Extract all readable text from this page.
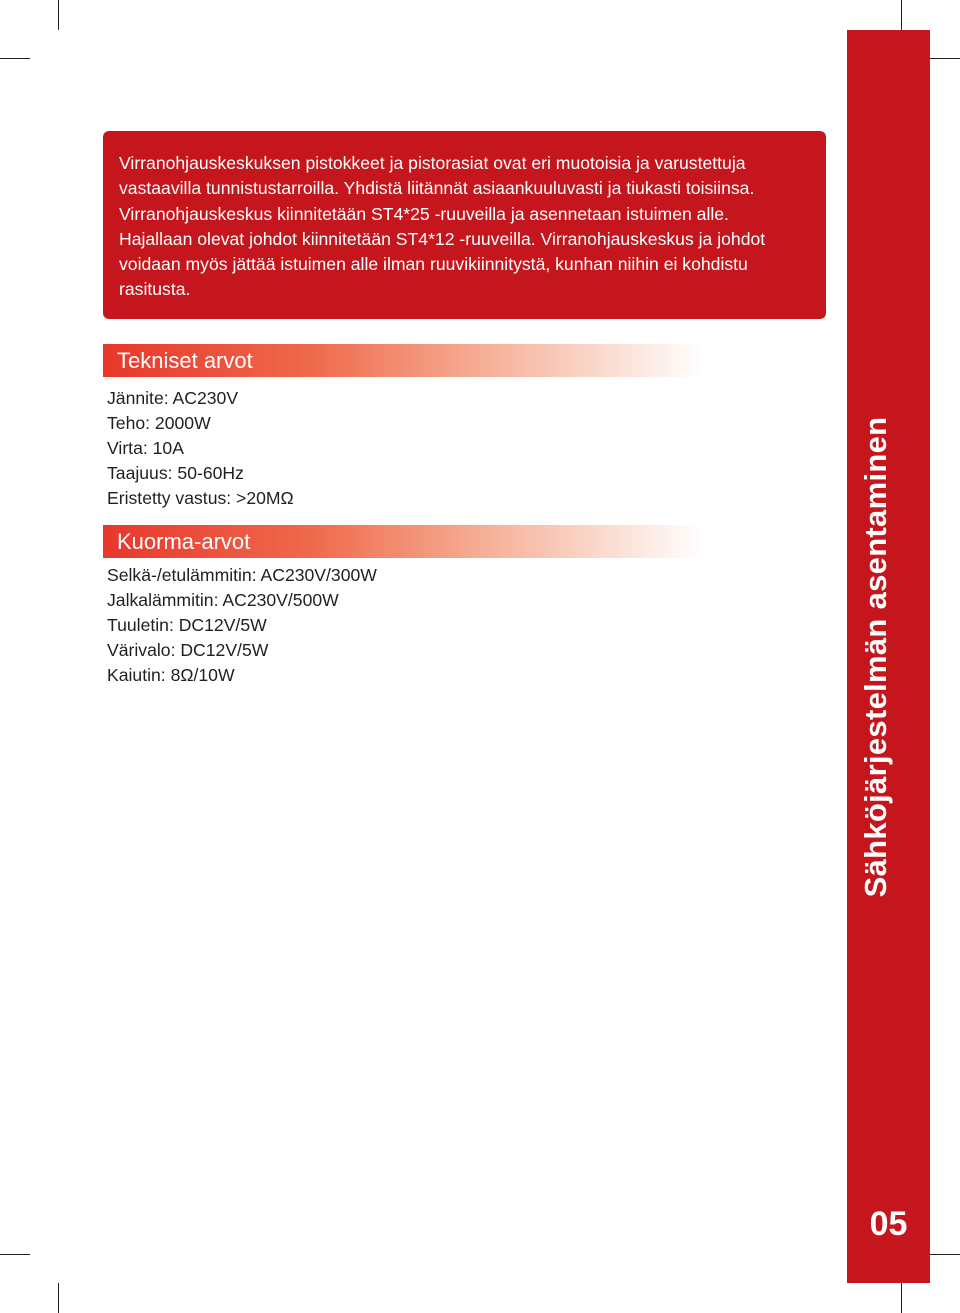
Virranohjauskeskuksen pistokkeet ja pistorasiat ovat eri muotoisia ja varustettuja
vastaavilla tunnistustarroilla. Yhdistä liitännät asiaankuuluvasti ja tiukasti toisiinsa.
Virranohjauskeskus kiinnitetään ST4*25 -ruuveilla ja asennetaan istuimen alle.
Hajallaan olevat johdot kiinnitetään ST4*12 -ruuveilla. Virranohjauskeskus ja johdot
voidaan myös jättää istuimen alle ilman ruuvikiinnitystä, kunhan niihin ei kohdistu
rasitusta.
Tekniset arvot
Jännite: AC230V
Teho: 2000W
Virta: 10A
Taajuus: 50-60Hz
Eristetty vastus: >20MΩ
Kuorma-arvot
Selkä-/etulämmitin: AC230V/300W
Jalkalämmitin: AC230V/500W
Tuuletin: DC12V/5W
Värivalo: DC12V/5W
Kaiutin: 8Ω/10W	Sähköjärjestelmän asentaminen
05
